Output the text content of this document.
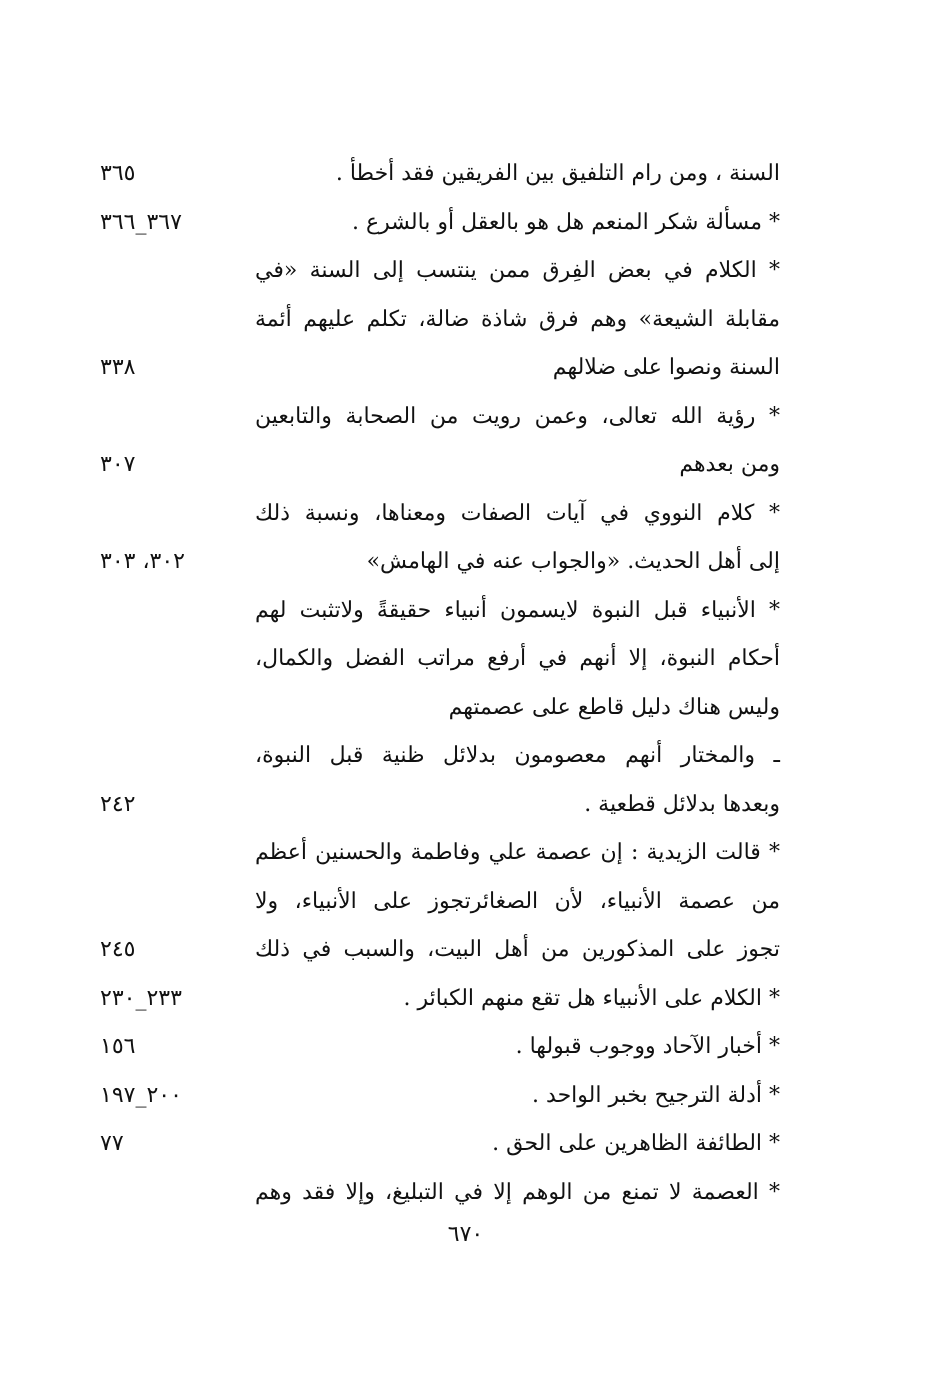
السنة ، ومن رام التلفيق بين الفريقين فقد أخطأ .
٣٦٥
* مسألة شكر المنعم هل هو بالعقل أو بالشرع .
٣٦٧_٣٦٦
* الكلام في بعض الفِرق ممن ينتسب إلى السنة «في
مقابلة الشيعة» وهم فرق شاذة ضالة، تكلم عليهم أئمة
السنة ونصوا على ضلالهم
٣٣٨
* رؤية الله تعالى، وعمن رويت من الصحابة والتابعين
ومن بعدهم
٣٠٧
* كلام النووي في آيات الصفات ومعناها، ونسبة ذلك
إلى أهل الحديث. «والجواب عنه في الهامش»
٣٠٢، ٣٠٣
* الأنبياء قبل النبوة لايسمون أنبياء حقيقةً ولاتثبت لهم
أحكام النبوة، إلا أنهم في أرفع مراتب الفضل والكمال،
وليس هناك دليل قاطع على عصمتهم
ـ والمختار أنهم معصومون بدلائل ظنية قبل النبوة،
وبعدها بدلائل قطعية .
٢٤٢
* قالت الزيدية : إن عصمة علي وفاطمة والحسنين أعظم
من عصمة الأنبياء، لأن الصغائرتجوز على الأنبياء، ولا
تجوز على المذكورين من أهل البيت، والسبب في ذلك
٢٤٥
* الكلام على الأنبياء هل تقع منهم الكبائر .
٢٣٣_٢٣٠
* أخبار الآحاد ووجوب قبولها .
١٥٦
* أدلة الترجيح بخبر الواحد .
٢٠٠_١٩٧
* الطائفة الظاهرين على الحق .
٧٧
* العصمة لا تمنع من الوهم إلا في التبليغ، وإلا فقد وهم
٦٧٠
